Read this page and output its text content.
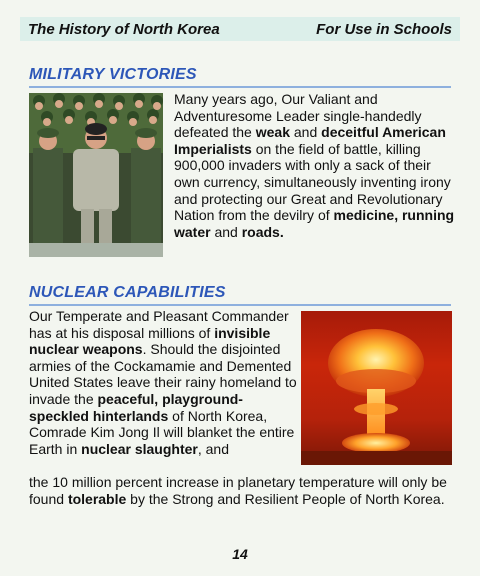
The History of North Korea	For Use in Schools
MILITARY VICTORIES
Many years ago, Our Valiant and Adventuresome Leader single-handedly defeated the weak and deceitful American Imperialists on the field of battle, killing 900,000 invaders with only a sack of their own currency, simultaneously inventing irony and protecting our Great and Revolutionary Nation from the devilry of medicine, running water and roads.
NUCLEAR CAPABILITIES
Our Temperate and Pleasant Commander has at his disposal millions of invisible nuclear weapons. Should the disjointed armies of the Cockamamie and Demented United States leave their rainy homeland to invade the peaceful, playground-speckled hinterlands of North Korea, Comrade Kim Jong Il will blanket the entire Earth in nuclear slaughter, and
the 10 million percent increase in planetary temperature will only be found tolerable by the Strong and Resilient People of North Korea.
14
